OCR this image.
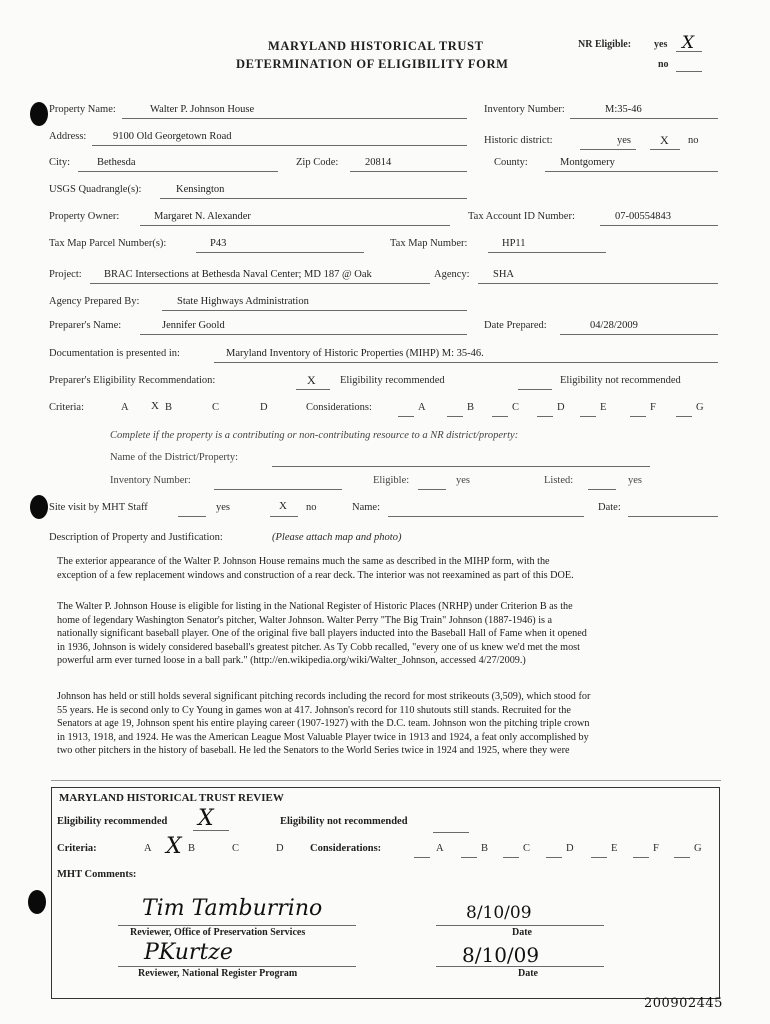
MARYLAND HISTORICAL TRUST
DETERMINATION OF ELIGIBILITY FORM
NR Eligible: yes X
no
Property Name:	Walter P. Johnson House	Inventory Number:	M:35-46
Address:	9100 Old Georgetown Road	Historic district:	yes X no
City:	Bethesda	Zip Code:	20814	County:	Montgomery
USGS Quadrangle(s):	Kensington
Property Owner:	Margaret N. Alexander	Tax Account ID Number:	07-00554843
Tax Map Parcel Number(s):	P43	Tax Map Number:	HP11
Project: BRAC Intersections at Bethesda Naval Center; MD 187 @ Oak	Agency: SHA
Agency Prepared By:	State Highways Administration
Preparer's Name:	Jennifer Goold	Date Prepared:	04/28/2009
Documentation is presented in:	Maryland Inventory of Historic Properties (MIHP) M: 35-46.
Preparer's Eligibility Recommendation:	X Eligibility recommended	Eligibility not recommended
Criteria:	A X B	C	D	Considerations:	A	B	C	D	E	F	G
Complete if the property is a contributing or non-contributing resource to a NR district/property:
Name of the District/Property:
Inventory Number:	Eligible:	yes	Listed:	yes
Site visit by MHT Staff	yes	X no	Name:	Date:
Description of Property and Justification:	(Please attach map and photo)
The exterior appearance of the Walter P. Johnson House remains much the same as described in the MIHP form, with the
exception of a few replacement windows and construction of a rear deck. The interior was not reexamined as part of this DOE.
The Walter P. Johnson House is eligible for listing in the National Register of Historic Places (NRHP) under Criterion B as the
home of legendary Washington Senator's pitcher, Walter Johnson. Walter Perry "The Big Train" Johnson (1887-1946) is a
nationally significant baseball player. One of the original five ball players inducted into the Baseball Hall of Fame when it opened
in 1936, Johnson is widely considered baseball's greatest pitcher. As Ty Cobb recalled, "every one of us knew we'd met the most
powerful arm ever turned loose in a ball park." (http://en.wikipedia.org/wiki/Walter_Johnson, accessed 4/27/2009.)
Johnson has held or still holds several significant pitching records including the record for most strikeouts (3,509), which stood for
55 years. He is second only to Cy Young in games won at 417. Johnson's record for 110 shutouts still stands. Recruited for the
Senators at age 19, Johnson spent his entire playing career (1907-1927) with the D.C. team. Johnson won the pitching triple crown
in 1913, 1918, and 1924. He was the American League Most Valuable Player twice in 1913 and 1924, a feat only accomplished by
two other pitchers in the history of baseball. He led the Senators to the World Series twice in 1924 and 1925, where they were
MARYLAND HISTORICAL TRUST REVIEW
Eligibility recommended X	Eligibility not recommended
Criteria:	A X B	C	D	Considerations:	A	B	C	D	E	F	G
MHT Comments:
Tim Tamburrino
Reviewer, Office of Preservation Services
8/10/09
Date
PKurtze
Reviewer, National Register Program
8/10/09
Date
200902445
